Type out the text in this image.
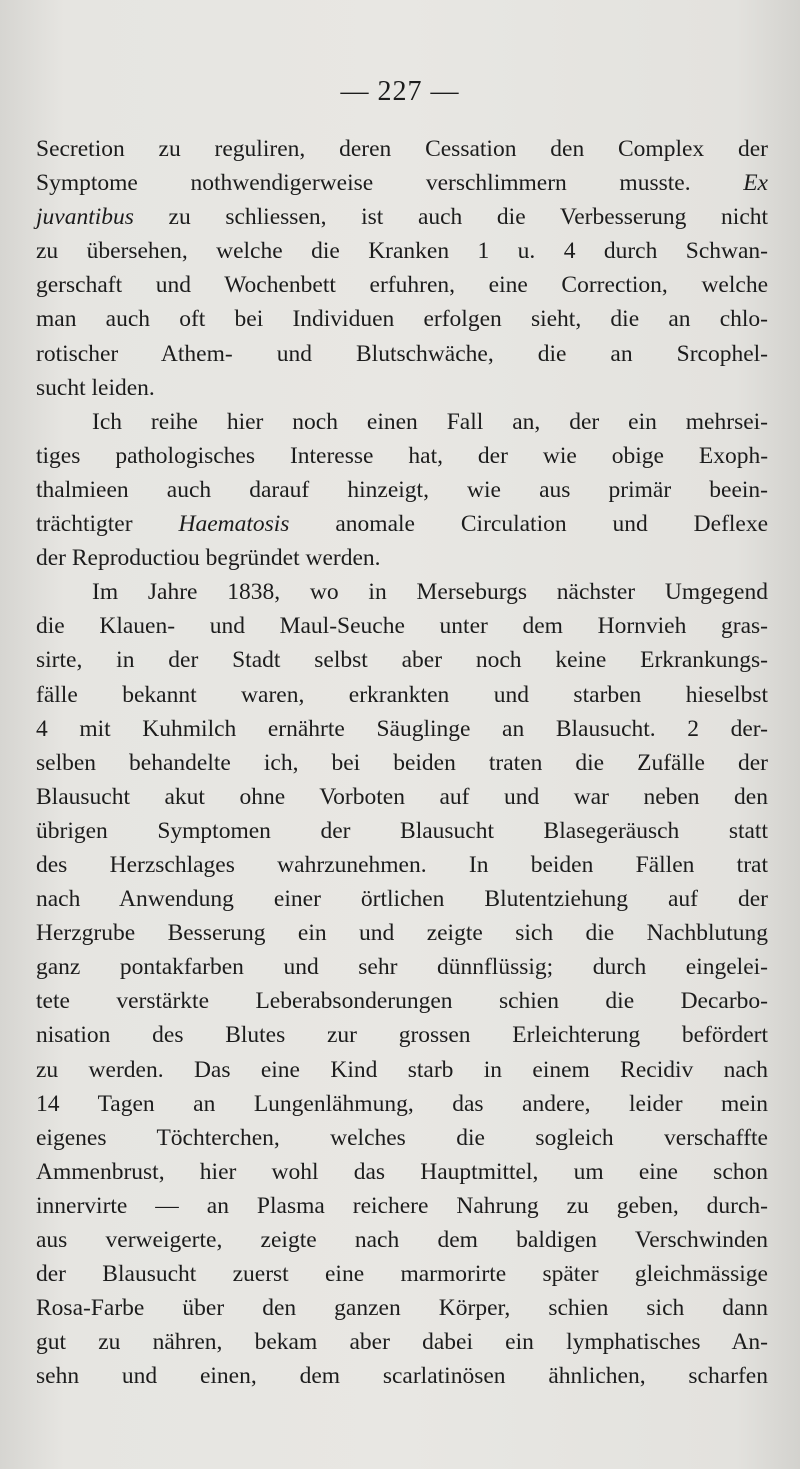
— 227 —
Secretion zu reguliren, deren Cessation den Complex der
Symptome nothwendigerweise verschlimmern musste. Ex
juvantibus zu schliessen, ist auch die Verbesserung nicht
zu übersehen, welche die Kranken 1 u. 4 durch Schwan-
gerschaft und Wochenbett erfuhren, eine Correction, welche
man auch oft bei Individuen erfolgen sieht, die an chlo-
rotischer Athem- und Blutschwäche, die an Srcophel-
sucht leiden.
Ich reihe hier noch einen Fall an, der ein mehrsei-
tiges pathologisches Interesse hat, der wie obige Exoph-
thalmieen auch darauf hinzeigt, wie aus primär beein-
trächtigter Haematosis anomale Circulation und Deflexe
der Reproductiou begründet werden.
Im Jahre 1838, wo in Merseburgs nächster Umgegend
die Klauen- und Maul-Seuche unter dem Hornvieh gras-
sirte, in der Stadt selbst aber noch keine Erkrankungs-
fälle bekannt waren, erkrankten und starben hieselbst
4 mit Kuhmilch ernährte Säuglinge an Blausucht. 2 der-
selben behandelte ich, bei beiden traten die Zufälle der
Blausucht akut ohne Vorboten auf und war neben den
übrigen Symptomen der Blausucht Blasegeräusch statt
des Herzschlages wahrzunehmen. In beiden Fällen trat
nach Anwendung einer örtlichen Blutentziehung auf der
Herzgrube Besserung ein und zeigte sich die Nachblutung
ganz pontakfarben und sehr dünnflüssig; durch eingelei-
tete verstärkte Leberabsonderungen schien die Decarbo-
nisation des Blutes zur grossen Erleichterung befördert
zu werden. Das eine Kind starb in einem Recidiv nach
14 Tagen an Lungenlähmung, das andere, leider mein
eigenes Töchterchen, welches die sogleich verschaffte
Ammenbrust, hier wohl das Hauptmittel, um eine schon
innervirte — an Plasma reichere Nahrung zu geben, durch-
aus verweigerte, zeigte nach dem baldigen Verschwinden
der Blausucht zuerst eine marmorirte später gleichmässige
Rosa-Farbe über den ganzen Körper, schien sich dann
gut zu nähren, bekam aber dabei ein lymphatisches An-
sehn und einen, dem scarlatinösen ähnlichen, scharfen
